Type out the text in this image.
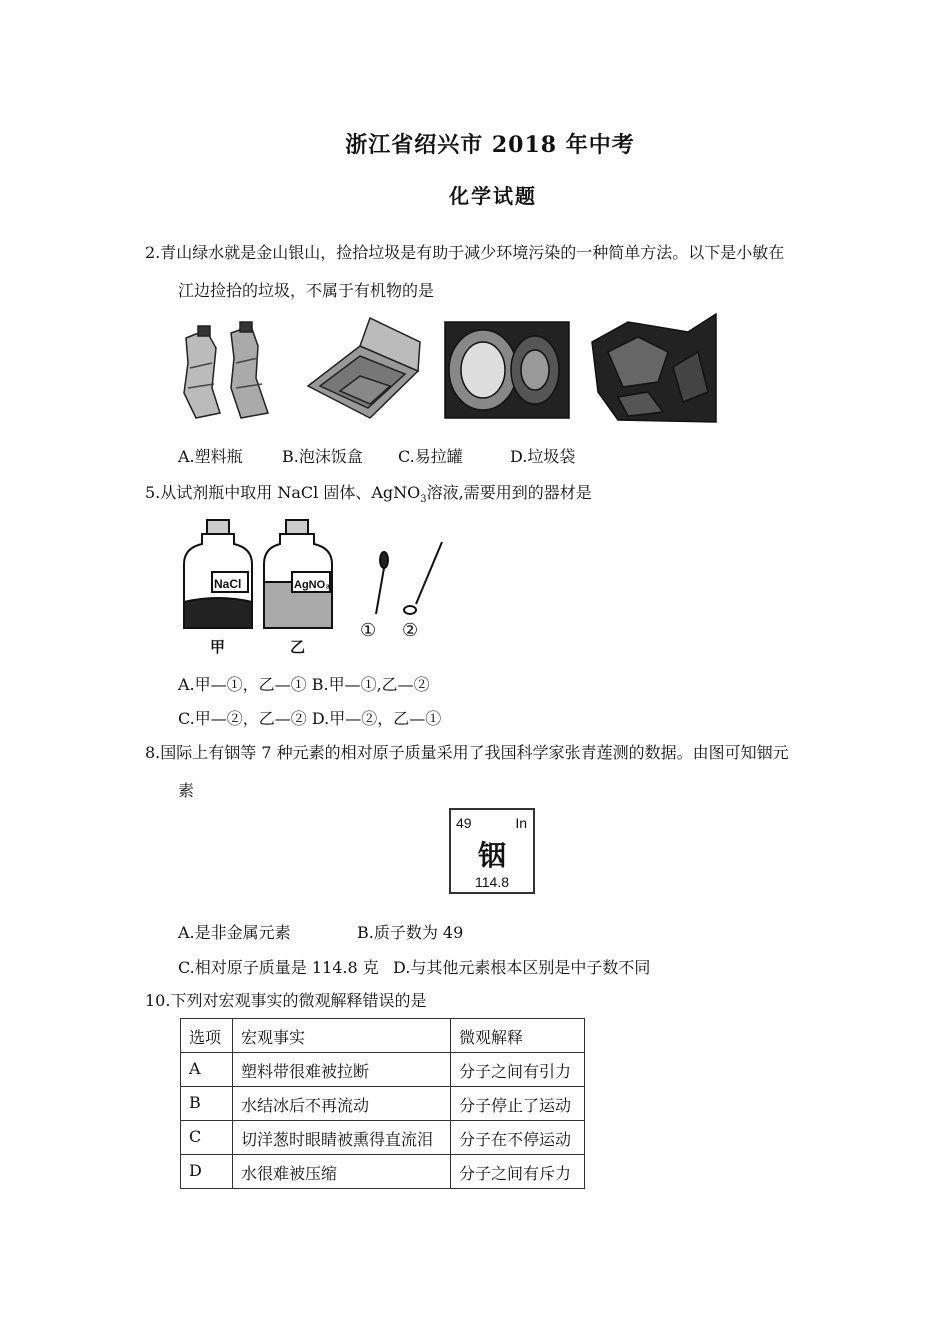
浙江省绍兴市 2018 年中考
化学试题
2.青山绿水就是金山银山，捡拾垃圾是有助于减少环境污染的一种简单方法。以下是小敏在
江边捡拾的垃圾，不属于有机物的是
A.塑料瓶 B.泡沫饭盒 C.易拉罐	D.垃圾袋
5.从试剂瓶中取用 NaCl 固体、AgNO$_3$溶液,需要用到的器材是
NaCl	AgNO₃
甲	乙
① ②
A.甲—①，乙—① B.甲—①,乙—②
C.甲—②，乙—② D.甲—②，乙—①
8.国际上有铟等 7 种元素的相对原子质量采用了我国科学家张青莲测的数据。由图可知铟元
素
49	In
铟
114.8
A.是非金属元素	B.质子数为 49
C.相对原子质量是 114.8 克 D.与其他元素根本区别是中子数不同
10.下列对宏观事实的微观解释错误的是
选项	宏观事实	微观解释
A	塑料带很难被拉断	分子之间有引力
B	水结冰后不再流动	分子停止了运动
C	切洋葱时眼睛被熏得直流泪	分子在不停运动
D	水很难被压缩	分子之间有斥力
